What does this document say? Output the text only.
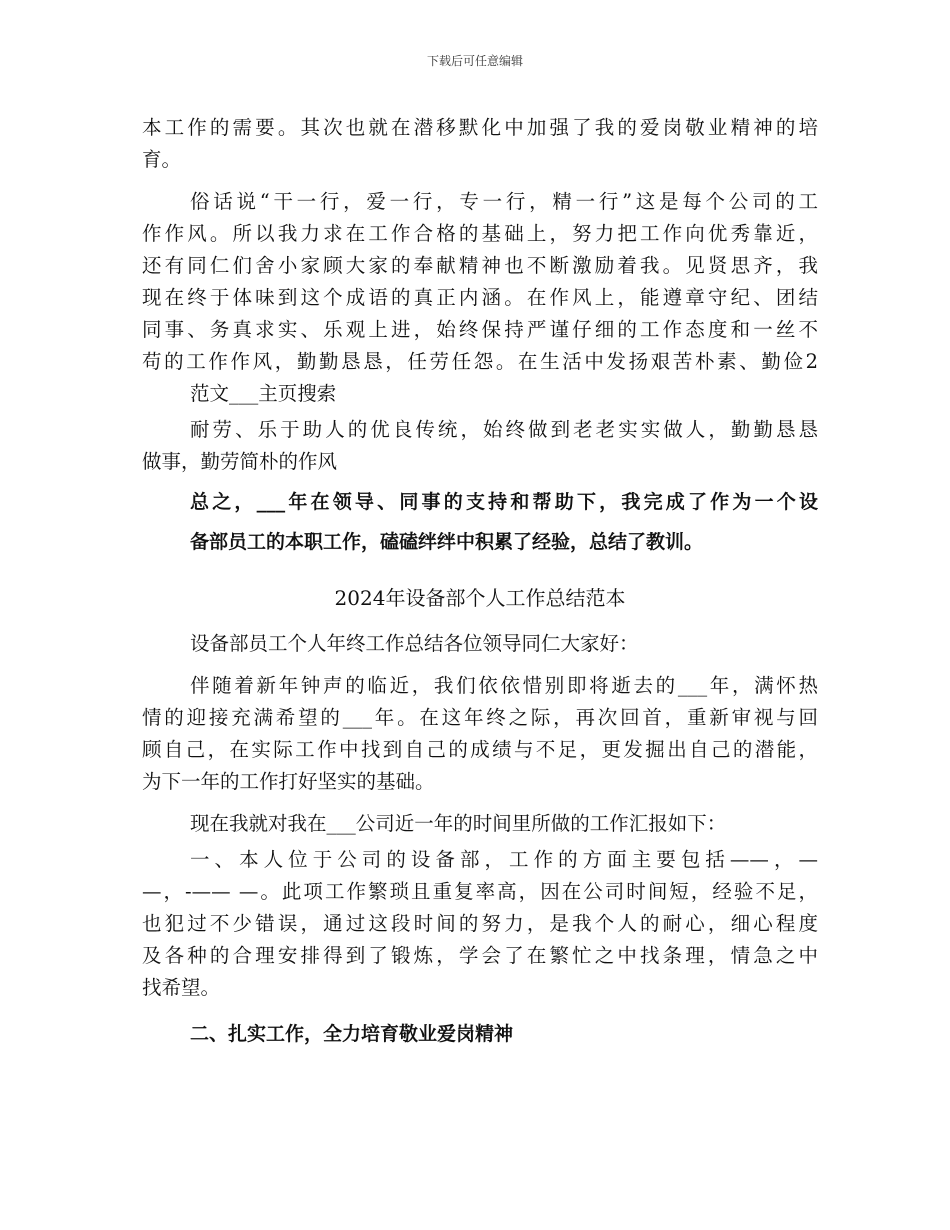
下载后可任意编辑
本工作的需要。其次也就在潜移默化中加强了我的爱岗敬业精神的培
育。
俗话说“干一行，爱一行，专一行，精一行”这是每个公司的工
作作风。所以我力求在工作合格的基础上，努力把工作向优秀靠近，
还有同仁们舍小家顾大家的奉献精神也不断激励着我。见贤思齐，我
现在终于体味到这个成语的真正内涵。在作风上，能遵章守纪、团结
同事、务真求实、乐观上进，始终保持严谨仔细的工作态度和一丝不
苟的工作作风，勤勤恳恳，任劳任怨。在生活中发扬艰苦朴素、勤俭2
范文___主页搜索
耐劳、乐于助人的优良传统，始终做到老老实实做人，勤勤恳恳
做事，勤劳简朴的作风
总之，___年在领导、同事的支持和帮助下，我完成了作为一个设
备部员工的本职工作，磕磕绊绊中积累了经验，总结了教训。
2024年设备部个人工作总结范本
设备部员工个人年终工作总结各位领导同仁大家好：
伴随着新年钟声的临近，我们依依惜别即将逝去的___年，满怀热
情的迎接充满希望的___年。在这年终之际，再次回首，重新审视与回
顾自己，在实际工作中找到自己的成绩与不足，更发掘出自己的潜能，
为下一年的工作打好坚实的基础。
现在我就对我在___公司近一年的时间里所做的工作汇报如下：
一、本人位于公司的设备部，工作的方面主要包括——，—
—，-—— —。此项工作繁琐且重复率高，因在公司时间短，经验不足，
也犯过不少错误，通过这段时间的努力，是我个人的耐心，细心程度
及各种的合理安排得到了锻炼，学会了在繁忙之中找条理，情急之中
找希望。
二、扎实工作，全力培育敬业爱岗精神
